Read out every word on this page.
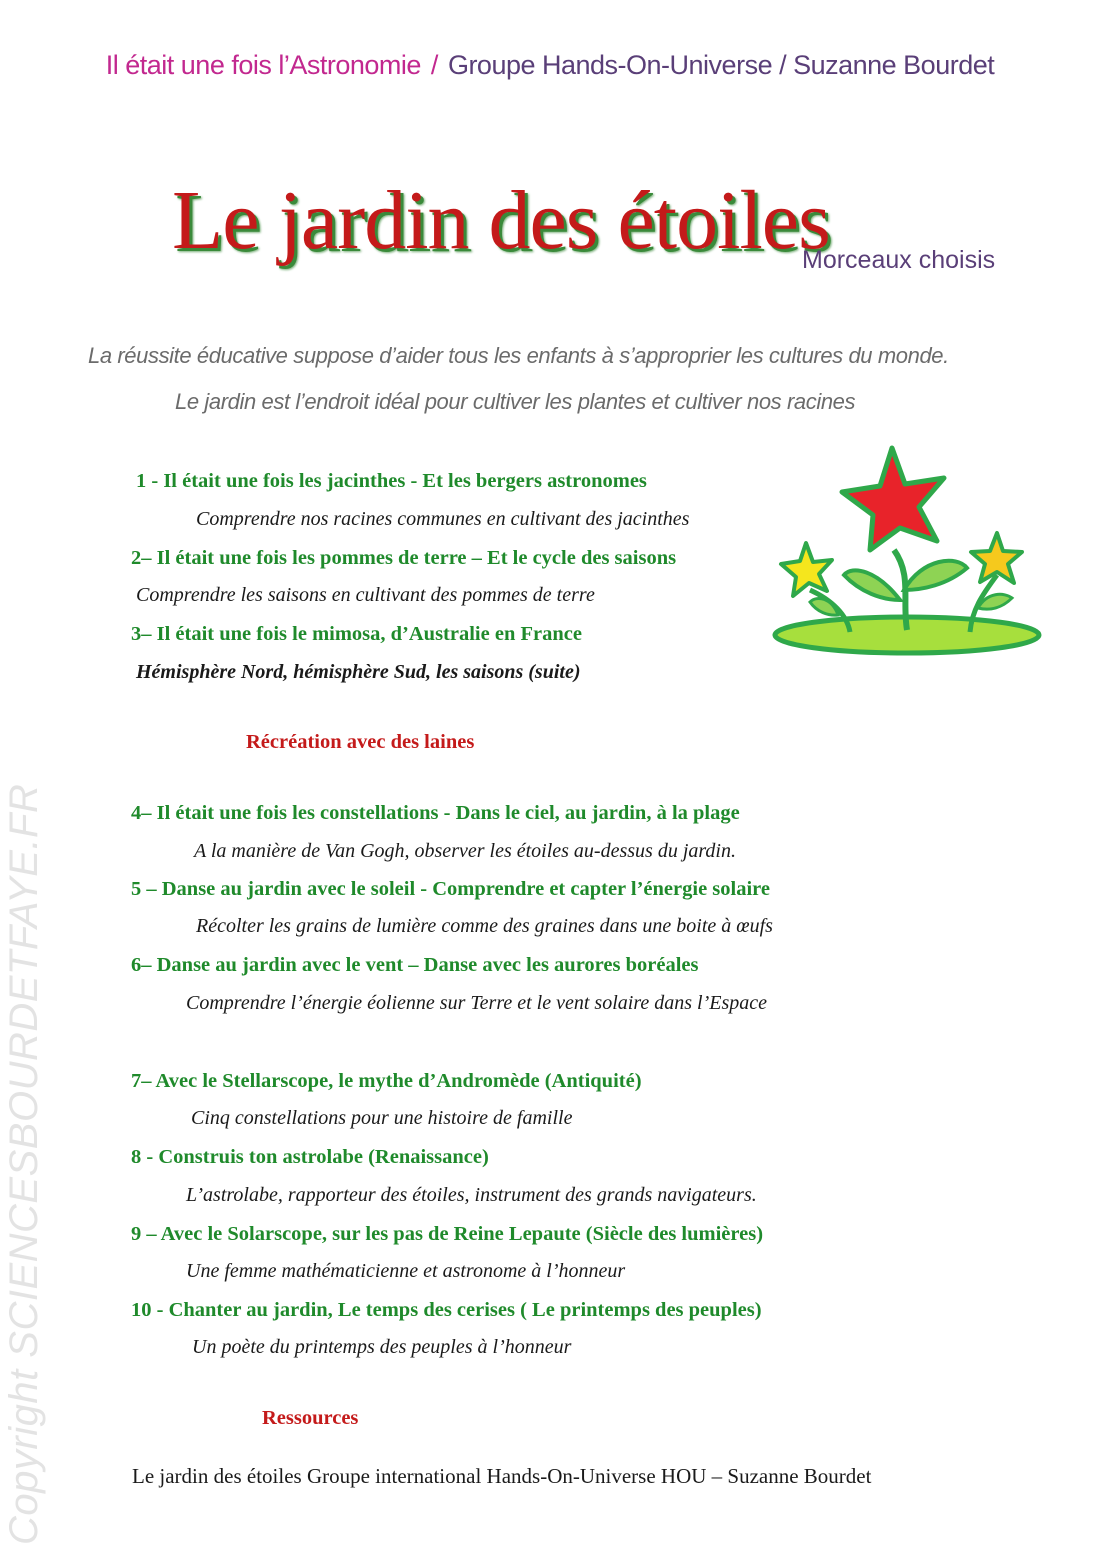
Il était une fois l’Astronomie / Groupe Hands-On-Universe / Suzanne Bourdet
Le jardin des étoiles
Morceaux choisis
La réussite éducative suppose d’aider tous les enfants à s’approprier les cultures du monde.
Le jardin est l’endroit idéal pour cultiver les plantes et cultiver nos racines
1 - Il était une fois les jacinthes - Et les bergers astronomes
Comprendre nos racines communes en cultivant des jacinthes
2– Il était une fois les pommes de terre – Et le cycle des saisons
Comprendre les saisons en cultivant des pommes de terre
3– Il était une fois le mimosa, d’Australie en France
Hémisphère Nord, hémisphère Sud, les saisons (suite)
Récréation avec des laines
4– Il était une fois les constellations - Dans le ciel, au jardin, à la plage
A la manière de Van Gogh, observer les étoiles au-dessus du jardin.
5 – Danse au jardin avec le soleil - Comprendre et capter l’énergie solaire
Récolter les grains de lumière comme des graines dans une boite à œufs
6– Danse au jardin avec le vent – Danse avec les aurores boréales
Comprendre l’énergie éolienne sur Terre et le vent solaire dans l’Espace
7– Avec le Stellarscope, le mythe d’Andromède (Antiquité)
Cinq constellations pour une histoire de famille
8 - Construis ton astrolabe (Renaissance)
L’astrolabe, rapporteur des étoiles, instrument des grands navigateurs.
9 – Avec le Solarscope, sur les pas de Reine Lepaute (Siècle des lumières)
Une femme mathématicienne et astronome à l’honneur
10 - Chanter au jardin, Le temps des cerises ( Le printemps des peuples)
Un poète du printemps des peuples à l’honneur
Ressources
Le jardin des étoiles Groupe international Hands-On-Universe HOU – Suzanne Bourdet
Copyright SCIENCESBOURDETFAYE.FR
